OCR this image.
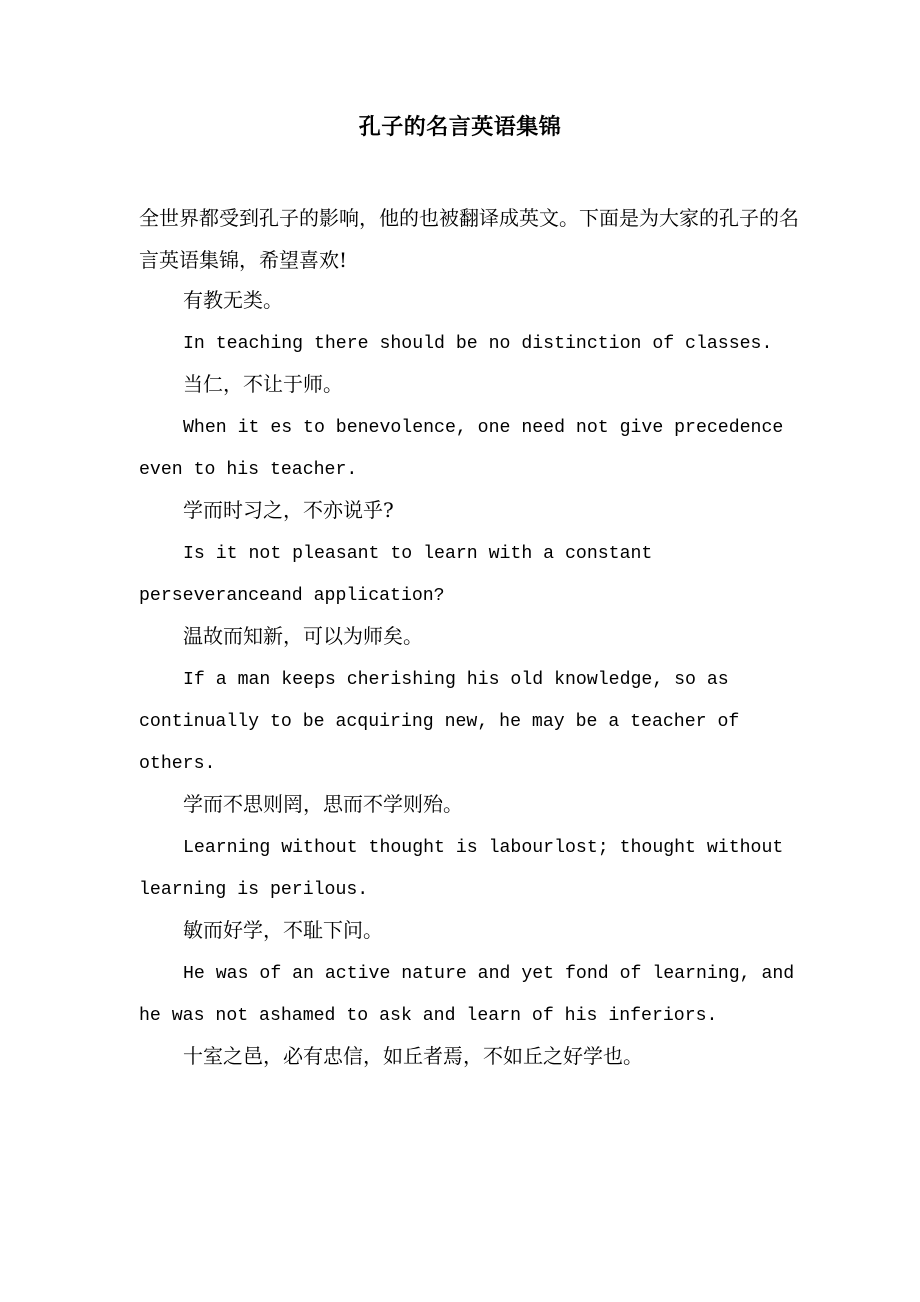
孔子的名言英语集锦

全世界都受到孔子的影响，他的也被翻译成英文。下面是为大家的孔子的名言英语集锦，希望喜欢!

有教无类。

In teaching there should be no distinction of classes.

当仁，不让于师。

When it es to benevolence, one need not give precedence even to his teacher.

学而时习之，不亦说乎?

Is it not pleasant to learn with a constant perseveranceand application?

温故而知新，可以为师矣。

If a man keeps cherishing his old knowledge, so as continually to be acquiring new, he may be a teacher of others.

学而不思则罔，思而不学则殆。

Learning without thought is labourlost; thought without learning is perilous.

敏而好学，不耻下问。

He was of an active nature and yet fond of learning, and he was not ashamed to ask and learn of his inferiors.

十室之邑，必有忠信，如丘者焉，不如丘之好学也。
